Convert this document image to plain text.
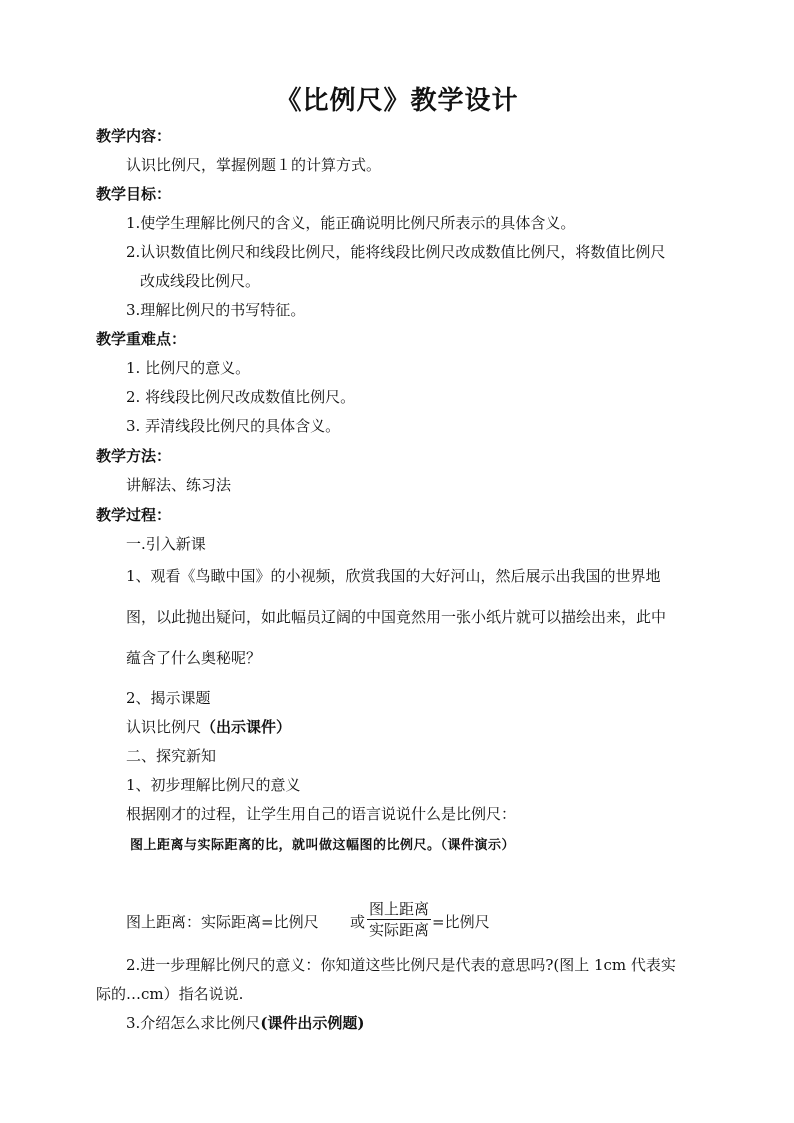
《比例尺》教学设计
教学内容：
认识比例尺，掌握例题１的计算方式。
教学目标：
1.使学生理解比例尺的含义，能正确说明比例尺所表示的具体含义。
2.认识数值比例尺和线段比例尺，能将线段比例尺改成数值比例尺，将数值比例尺
改成线段比例尺。
3.理解比例尺的书写特征。
教学重难点：
1. 比例尺的意义。
2. 将线段比例尺改成数值比例尺。
3. 弄清线段比例尺的具体含义。
教学方法：
讲解法、练习法
教学过程：
一.引入新课
1、观看《鸟瞰中国》的小视频，欣赏我国的大好河山，然后展示出我国的世界地
图，以此抛出疑问，如此幅员辽阔的中国竟然用一张小纸片就可以描绘出来，此中
蕴含了什么奥秘呢？
2、揭示课题
认识比例尺（出示课件）
二、探究新知
1、初步理解比例尺的意义
根据刚才的过程，让学生用自己的语言说说什么是比例尺：
图上距离与实际距离的比，就叫做这幅图的比例尺。（课件演示）
图上距离：实际距离=比例尺 或
图上距离
实际距离 =比例尺
2.进一步理解比例尺的意义：你知道这些比例尺是代表的意思吗?(图上 1cm 代表实
际的…cm）指名说说.
3.介绍怎么求比例尺(课件出示例题)
